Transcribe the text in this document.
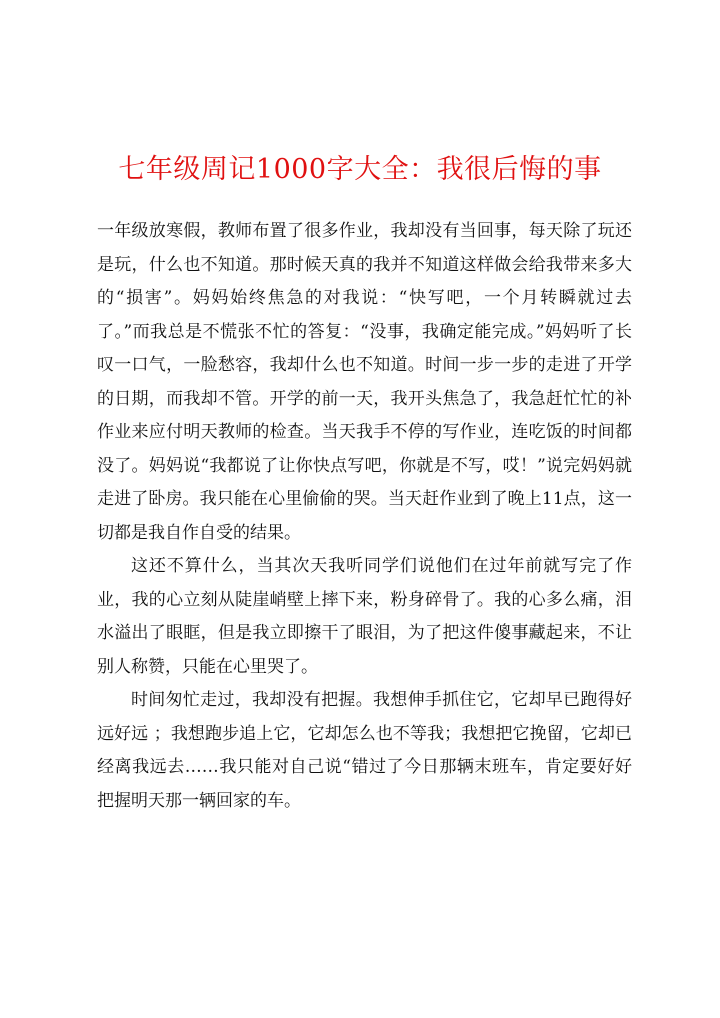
七年级周记1000字大全：我很后悔的事

一年级放寒假，教师布置了很多作业，我却没有当回事，每天除了玩还是玩，什么也不知道。那时候天真的我并不知道这样做会给我带来多大的“损害”。妈妈始终焦急的对我说：“快写吧，一个月转瞬就过去了。”而我总是不慌张不忙的答复：“没事，我确定能完成。”妈妈听了长叹一口气，一脸愁容，我却什么也不知道。时间一步一步的走进了开学的日期，而我却不管。开学的前一天，我开头焦急了，我急赶忙忙的补作业来应付明天教师的检查。当天我手不停的写作业，连吃饭的时间都没了。妈妈说“我都说了让你快点写吧，你就是不写，哎！”说完妈妈就走进了卧房。我只能在心里偷偷的哭。当天赶作业到了晚上11点，这一切都是我自作自受的结果。

这还不算什么，当其次天我听同学们说他们在过年前就写完了作业，我的心立刻从陡崖峭壁上摔下来，粉身碎骨了。我的心多么痛，泪水溢出了眼眶，但是我立即擦干了眼泪，为了把这件傻事藏起来，不让别人称赞，只能在心里哭了。

时间匆忙走过，我却没有把握。我想伸手抓住它，它却早已跑得好远好远 ；我想跑步追上它，它却怎么也不等我；我想把它挽留，它却已经离我远去……我只能对自己说“错过了今日那辆末班车，肯定要好好把握明天那一辆回家的车。
